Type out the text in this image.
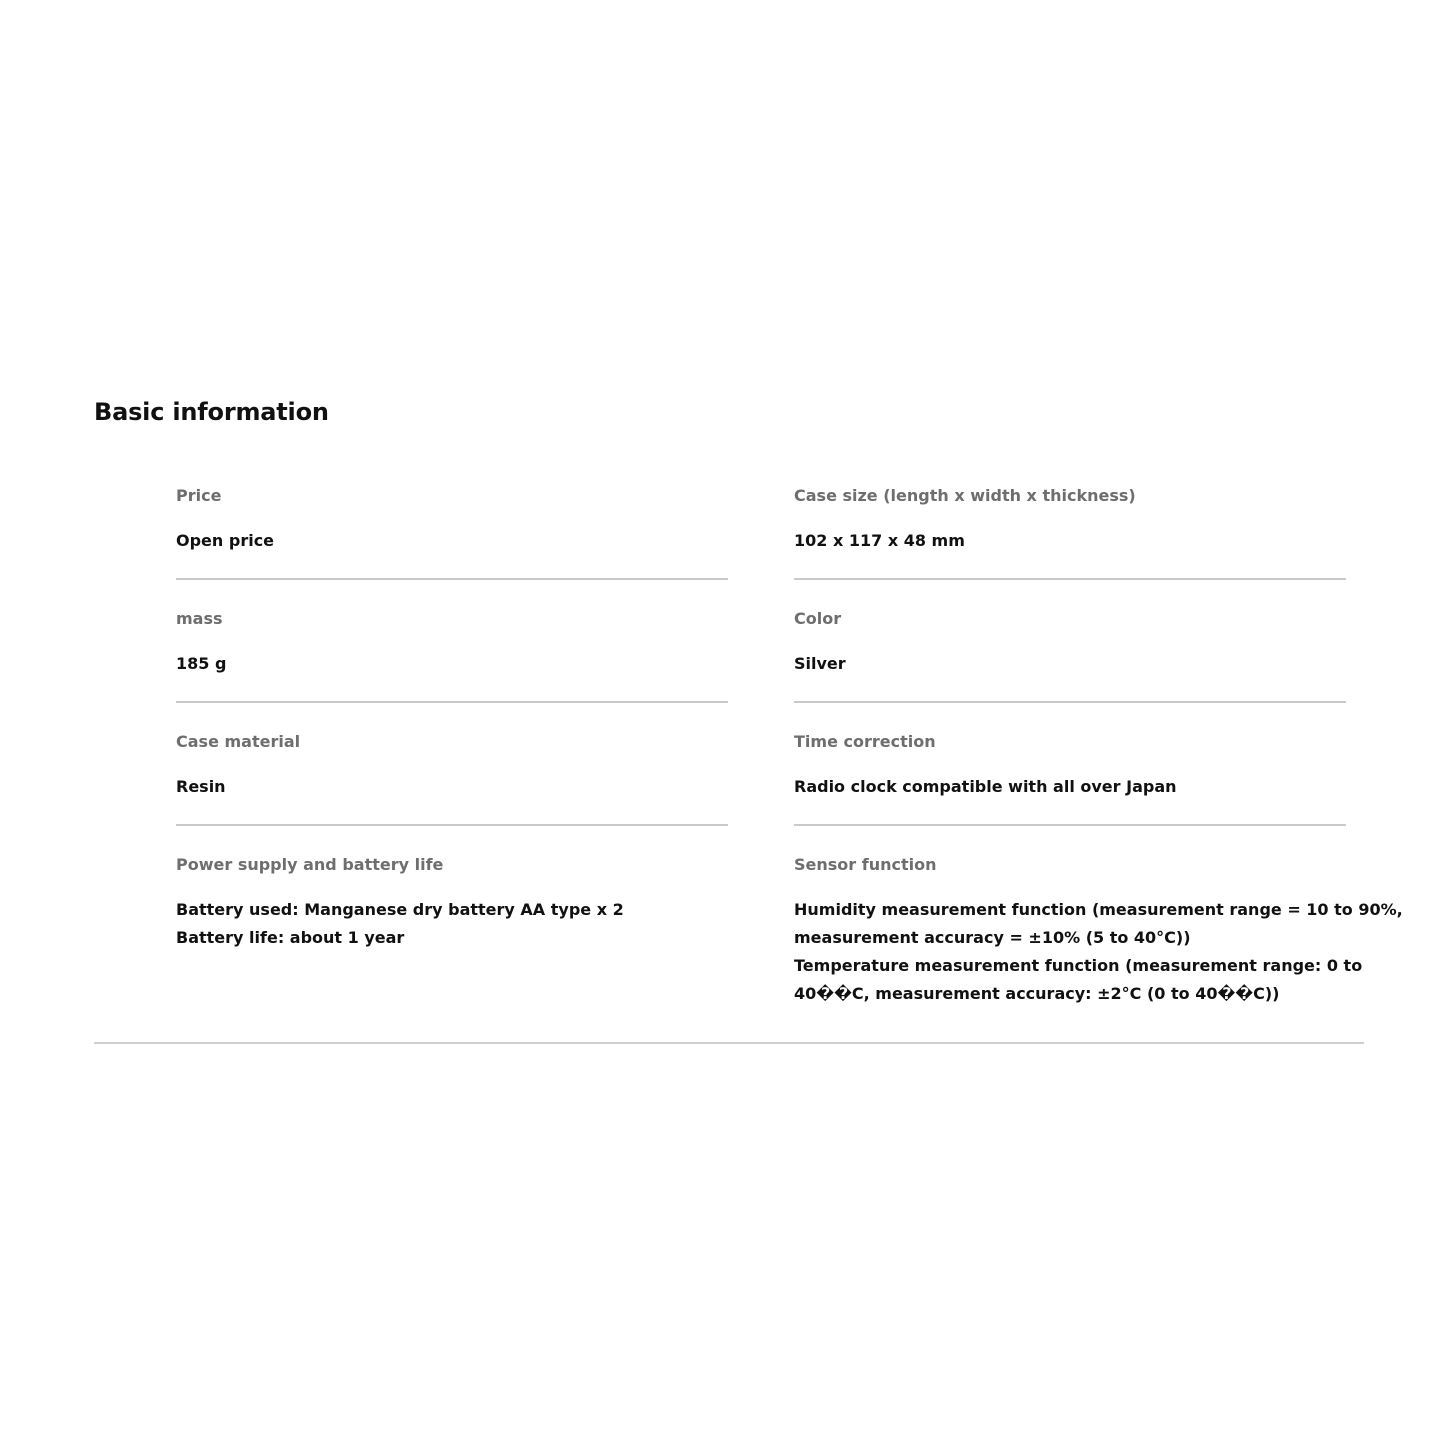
Basic information
Price
Open price
mass
185 g
Case material
Resin
Power supply and battery life
Battery used: Manganese dry battery AA type x 2
Battery life: about 1 year
Case size (length x width x thickness)
102 x 117 x 48 mm
Color
Silver
Time correction
Radio clock compatible with all over Japan
Sensor function
Humidity measurement function (measurement range = 10 to 90%,
measurement accuracy = ±10% (5 to 40°C))
Temperature measurement function (measurement range: 0 to
40��C, measurement accuracy: ±2°C (0 to 40��C))
